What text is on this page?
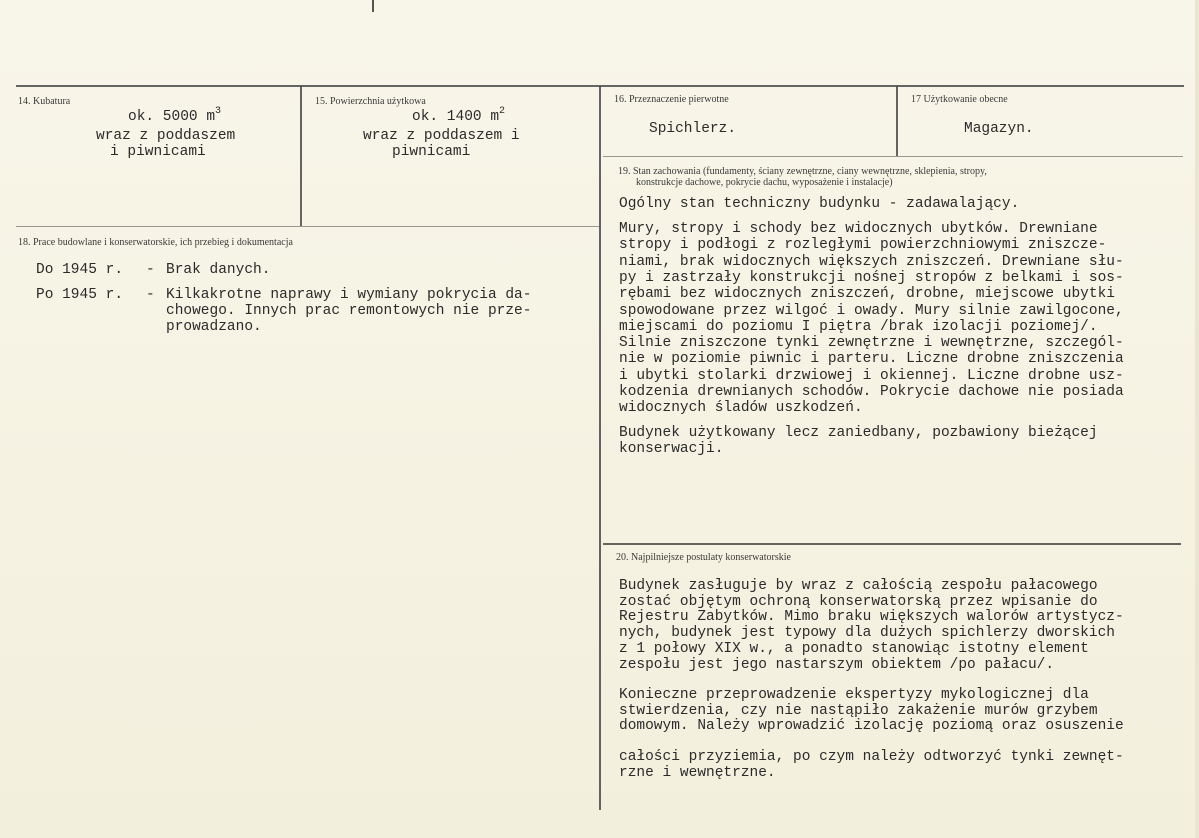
14. Kubatura
ok. 5000 $m^3$
wraz z poddaszem
i piwnicami
15. Powierzchnia użytkowa
ok. 1400 $m^2$
wraz z poddaszem i
piwnicami
16. Przeznaczenie pierwotne
Spichlerz.
17 Użytkowanie obecne
Magazyn.
18. Prace budowlane i konserwatorskie, ich przebieg i dokumentacja
Do 1945 r. - Brak danych.
Po 1945 r. - Kilkakrotne naprawy i wymiany pokrycia da-
chowego. Innych prac remontowych nie prze-
prowadzano.
19. Stan zachowania (fundamenty, ściany zewnętrzne, ciany wewnętrzne, sklepienia, stropy,
konstrukcje dachowe, pokrycie dachu, wyposażenie i instalacje)
Ogólny stan techniczny budynku - zadawalający.
Mury, stropy i schody bez widocznych ubytków. Drewniane
stropy i podłogi z rozległymi powierzchniowymi zniszcze-
niami, brak widocznych większych zniszczeń. Drewniane słu-
py i zastrzały konstrukcji nośnej stropów z belkami i sos-
rębami bez widocznych zniszczeń, drobne, miejscowe ubytki
spowodowane przez wilgoć i owady. Mury silnie zawilgocone,
miejscami do poziomu I piętra /brak izolacji poziomej/.
Silnie zniszczone tynki zewnętrzne i wewnętrzne, szczegól-
nie w poziomie piwnic i parteru. Liczne drobne zniszczenia
i ubytki stolarki drzwiowej i okiennej. Liczne drobne usz-
kodzenia drewnianych schodów. Pokrycie dachowe nie posiada
widocznych śladów uszkodzeń.
Budynek użytkowany lecz zaniedbany, pozbawiony bieżącej
konserwacji.
20. Najpilniejsze postulaty konserwatorskie
Budynek zasługuje by wraz z całością zespołu pałacowego
zostać objętym ochroną konserwatorską przez wpisanie do
Rejestru Zabytków. Mimo braku większych walorów artystycz-
nych, budynek jest typowy dla dużych spichlerzy dworskich
z 1 połowy XIX w., a ponadto stanowiąc istotny element
zespołu jest jego nastarszym obiektem /po pałacu/.
Konieczne przeprowadzenie ekspertyzy mykologicznej dla
stwierdzenia, czy nie nastąpiło zakażenie murów grzybem
domowym. Należy wprowadzić izolację poziomą oraz osuszenie
całości przyziemia, po czym należy odtworzyć tynki zewnęt-
rzne i wewnętrzne.
